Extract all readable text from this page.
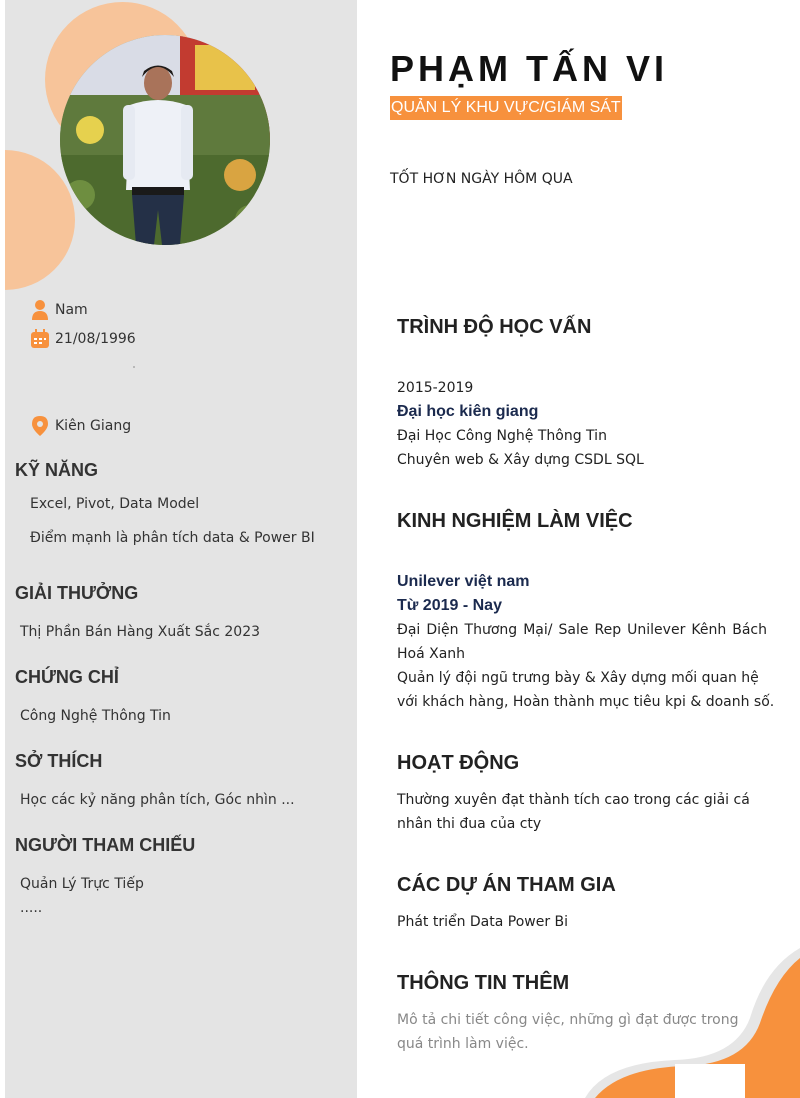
Nam
21/08/1996
Kiên Giang
KỸ NĂNG
Excel, Pivot, Data Model
Điểm mạnh là phân tích data & Power BI
GIẢI THƯỞNG
Thị Phần Bán Hàng Xuất Sắc 2023
CHỨNG CHỈ
Công Nghệ Thông Tin
SỞ THÍCH
Học các kỷ năng phân tích, Góc nhìn ...
NGƯỜI THAM CHIẾU
Quản Lý Trực Tiếp
.....
PHẠM TẤN VI
QUẢN LÝ KHU VỰC/GIÁM SÁT
TỐT HƠN NGÀY HÔM QUA
TRÌNH ĐỘ HỌC VẤN
2015-2019
Đại học kiên giang
Đại Học Công Nghệ Thông Tin
Chuyên web & Xây dựng CSDL SQL
KINH NGHIỆM LÀM VIỆC
Unilever việt nam
Từ 2019 - Nay
Đại Diện Thương Mại/ Sale Rep Unilever Kênh Bách Hoá Xanh
Quản lý đội ngũ trưng bày & Xây dựng mối quan hệ với khách hàng, Hoàn thành mục tiêu kpi & doanh số.
HOẠT ĐỘNG
Thường xuyên đạt thành tích cao trong các giải cá nhân thi đua của cty
CÁC DỰ ÁN THAM GIA
Phát triển Data Power Bi
THÔNG TIN THÊM
Mô tả chi tiết công việc, những gì đạt được trong quá trình làm việc.
